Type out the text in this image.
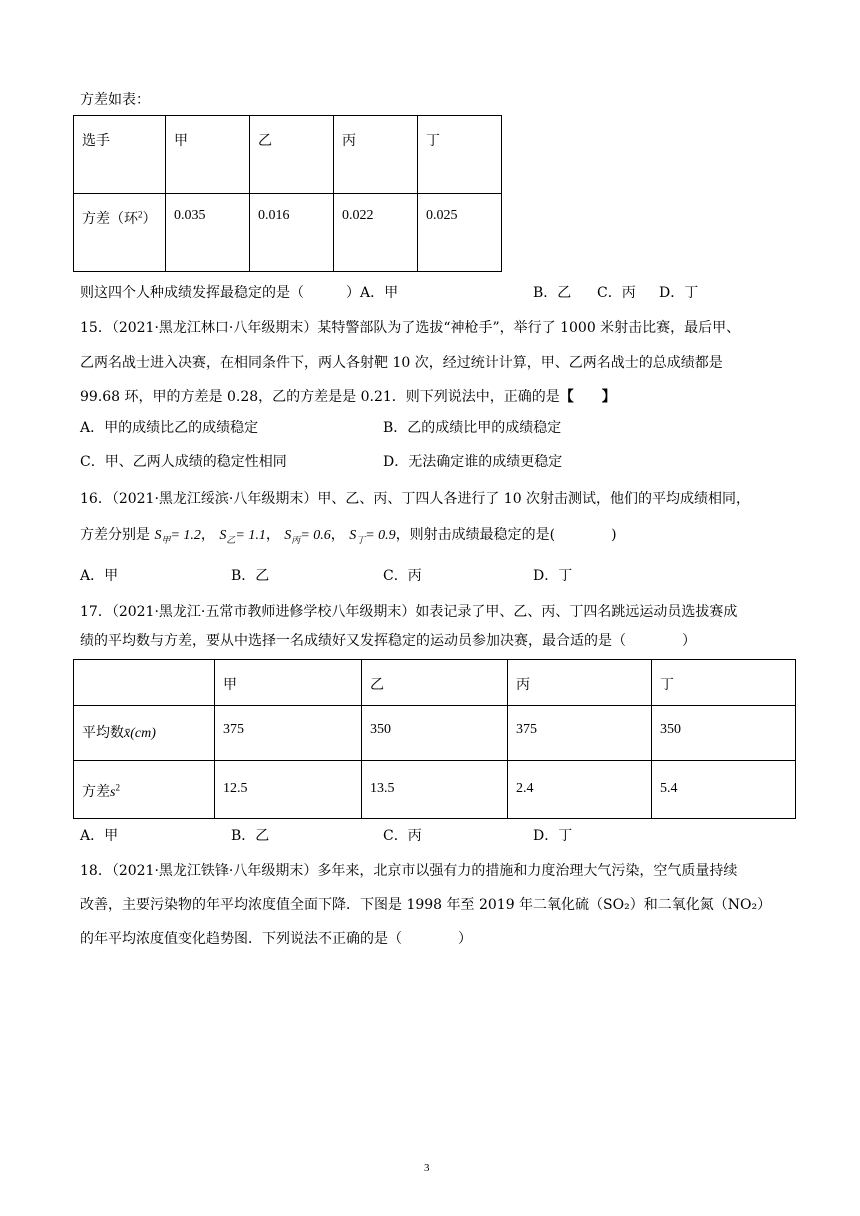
方差如表：
选手	甲	乙	丙	丁
方差（环$^2$）	0.035	0.016	0.022	0.025
则这四个人种成绩发挥最稳定的是（　　　）A．甲	B．乙 C．丙 D．丁
15．（2021·黑龙江林口·八年级期末）某特警部队为了选拔“神枪手”，举行了 1000 米射击比赛，最后甲、
乙两名战士进入决赛，在相同条件下，两人各射靶 10 次，经过统计计算，甲、乙两名战士的总成绩都是
99.68 环，甲的方差是 0.28，乙的方差是是 0.21．则下列说法中，正确的是【　　】
A．甲的成绩比乙的成绩稳定	B．乙的成绩比甲的成绩稳定
C．甲、乙两人成绩的稳定性相同	D．无法确定谁的成绩更稳定
16．（2021·黑龙江绥滨·八年级期末）甲、乙、丙、丁四人各进行了 10 次射击测试，他们的平均成绩相同，
方差分别是 $S_甲= 1.2$， $S_乙= 1.1$， $S_丙= 0.6$， $S_丁= 0.9$，则射击成绩最稳定的是(　　　　)
A．甲	B．乙	C．丙	D．丁
17．（2021·黑龙江·五常市教师进修学校八年级期末）如表记录了甲、乙、丙、丁四名跳远运动员选拔赛成
绩的平均数与方差，要从中选择一名成绩好又发挥稳定的运动员参加决赛，最合适的是（　　　　）
	甲	乙	丙	丁
平均数x̄(cm)	375	350	375	350
方差$s^2$	12.5	13.5	2.4	5.4
A．甲	B．乙	C．丙	D．丁
18．（2021·黑龙江铁锋·八年级期末）多年来，北京市以强有力的措施和力度治理大气污染，空气质量持续
改善，主要污染物的年平均浓度值全面下降．下图是 1998 年至 2019 年二氧化硫（SO₂）和二氧化氮（NO₂）
的年平均浓度值变化趋势图．下列说法不正确的是（　　　　）
3
